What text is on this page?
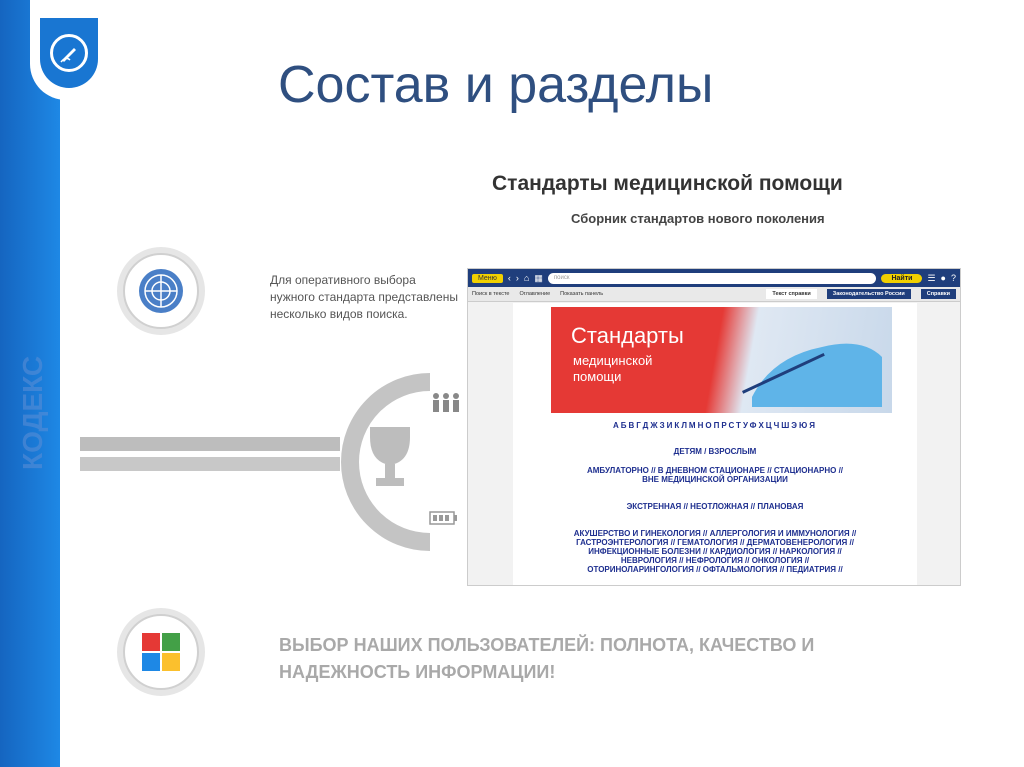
КОДЕКС
Состав и разделы
Стандарты медицинской помощи
Сборник стандартов нового поколения
Для оперативного выбора нужного стандарта представлены несколько видов поиска.
Меню	‹ › ⌂ ▦	поиск	Найти	☰ ● ?
Поиск в тексте Оглавление Показать панель	Текст справки	Законодательство России	Справки
Стандарты
медицинской помощи
АБВГДЖЗИКЛМНОПРСТУФХЦЧШЭЮЯ
ДЕТЯМ / ВЗРОСЛЫМ
АМБУЛАТОРНО // В ДНЕВНОМ СТАЦИОНАРЕ // СТАЦИОНАРНО //
ВНЕ МЕДИЦИНСКОЙ ОРГАНИЗАЦИИ
ЭКСТРЕННАЯ // НЕОТЛОЖНАЯ // ПЛАНОВАЯ
АКУШЕРСТВО И ГИНЕКОЛОГИЯ // АЛЛЕРГОЛОГИЯ И ИММУНОЛОГИЯ //
ГАСТРОЭНТЕРОЛОГИЯ // ГЕМАТОЛОГИЯ // ДЕРМАТОВЕНЕРОЛОГИЯ //
ИНФЕКЦИОННЫЕ БОЛЕЗНИ // КАРДИОЛОГИЯ // НАРКОЛОГИЯ //
НЕВРОЛОГИЯ // НЕФРОЛОГИЯ // ОНКОЛОГИЯ //
ОТОРИНОЛАРИНГОЛОГИЯ // ОФТАЛЬМОЛОГИЯ // ПЕДИАТРИЯ //
ВЫБОР НАШИХ ПОЛЬЗОВАТЕЛЕЙ: ПОЛНОТА, КАЧЕСТВО И
НАДЕЖНОСТЬ ИНФОРМАЦИИ!
